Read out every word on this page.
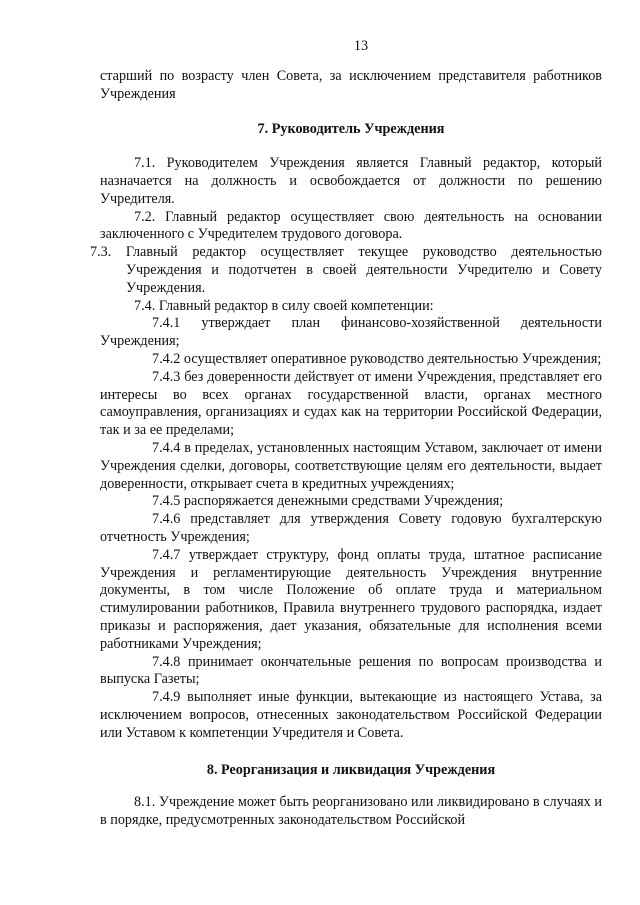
13

старший по возрасту член Совета, за исключением представителя работников Учреждения

7. Руководитель Учреждения

7.1. Руководителем Учреждения является Главный редактор, который назначается на должность и освобождается от должности по решению Учредителя.

7.2. Главный редактор осуществляет свою деятельность на основании заключенного с Учредителем трудового договора.

7.3. Главный редактор осуществляет текущее руководство деятельностью Учреждения и подотчетен в своей деятельности Учредителю и Совету Учреждения.

7.4. Главный редактор в силу своей компетенции:

7.4.1 утверждает план финансово-хозяйственной деятельности Учреждения;

7.4.2 осуществляет оперативное руководство деятельностью Учреждения;

7.4.3 без доверенности действует от имени Учреждения, представляет его интересы во всех органах государственной власти, органах местного самоуправления, организациях и судах как на территории Российской Федерации, так и за ее пределами;

7.4.4 в пределах, установленных настоящим Уставом, заключает от имени Учреждения сделки, договоры, соответствующие целям его деятельности, выдает доверенности, открывает счета в кредитных учреждениях;

7.4.5 распоряжается денежными средствами Учреждения;

7.4.6 представляет для утверждения Совету годовую бухгалтерскую отчетность Учреждения;

7.4.7 утверждает структуру, фонд оплаты труда, штатное расписание Учреждения и регламентирующие деятельность Учреждения внутренние документы, в том числе Положение об оплате труда и материальном стимулировании работников, Правила внутреннего трудового распорядка, издает приказы и распоряжения, дает указания, обязательные для исполнения всеми работниками Учреждения;

7.4.8 принимает окончательные решения по вопросам производства и выпуска Газеты;

7.4.9 выполняет иные функции, вытекающие из настоящего Устава, за исключением вопросов, отнесенных законодательством Российской Федерации или Уставом к компетенции Учредителя и Совета.

8. Реорганизация и ликвидация Учреждения

8.1. Учреждение может быть реорганизовано или ликвидировано в случаях и в порядке, предусмотренных законодательством Российской
